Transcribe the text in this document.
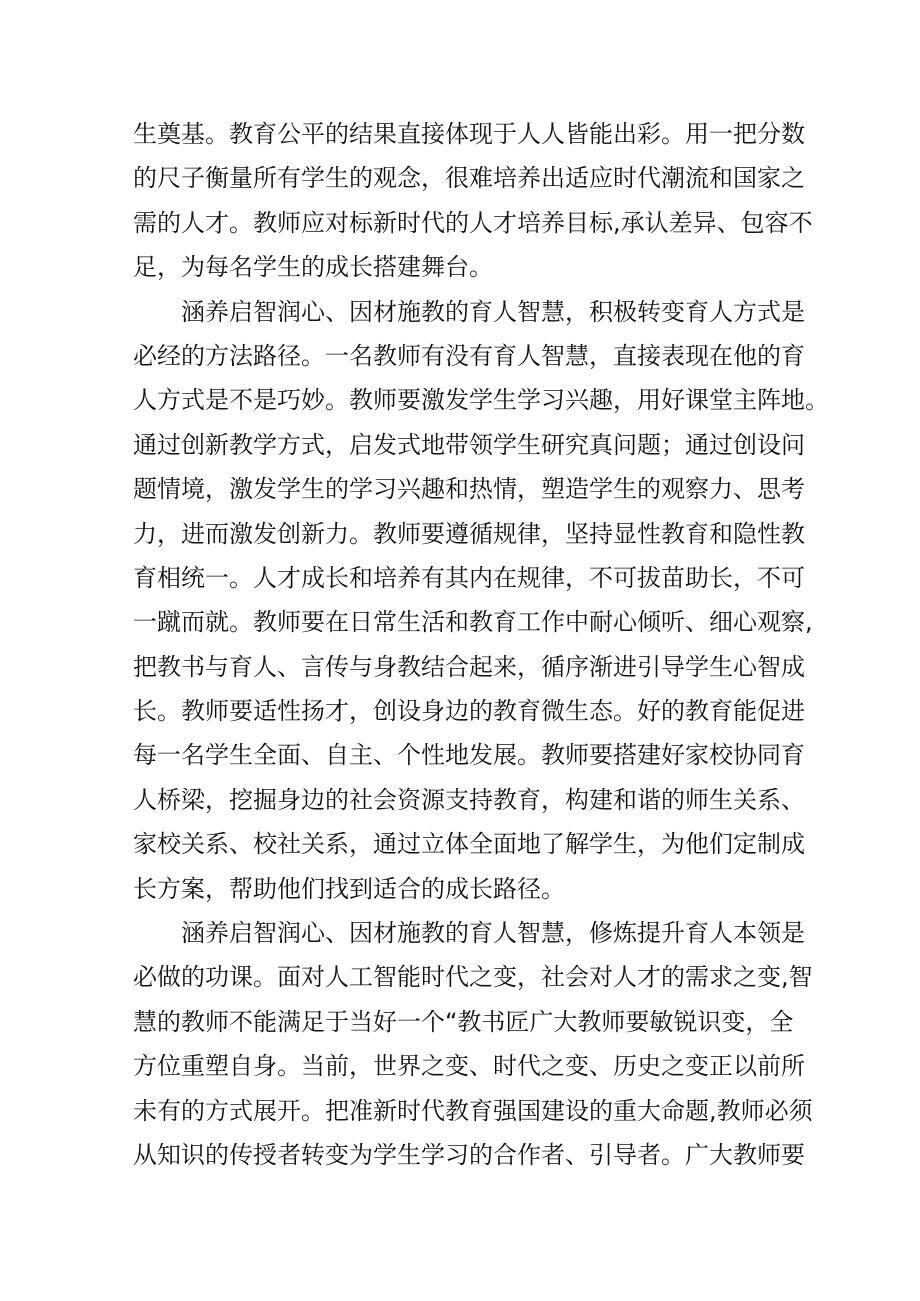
生奠基。教育公平的结果直接体现于人人皆能出彩。用一把分数
的尺子衡量所有学生的观念，很难培养出适应时代潮流和国家之
需的人才。教师应对标新时代的人才培养目标,承认差异、包容不
足，为每名学生的成长搭建舞台。
涵养启智润心、因材施教的育人智慧，积极转变育人方式是
必经的方法路径。一名教师有没有育人智慧，直接表现在他的育
人方式是不是巧妙。教师要激发学生学习兴趣，用好课堂主阵地。
通过创新教学方式，启发式地带领学生研究真问题；通过创设问
题情境，激发学生的学习兴趣和热情，塑造学生的观察力、思考
力，进而激发创新力。教师要遵循规律，坚持显性教育和隐性教
育相统一。人才成长和培养有其内在规律，不可拔苗助长，不可
一蹴而就。教师要在日常生活和教育工作中耐心倾听、细心观察,
把教书与育人、言传与身教结合起来，循序渐进引导学生心智成
长。教师要适性扬才，创设身边的教育微生态。好的教育能促进
每一名学生全面、自主、个性地发展。教师要搭建好家校协同育
人桥梁，挖掘身边的社会资源支持教育，构建和谐的师生关系、
家校关系、校社关系，通过立体全面地了解学生，为他们定制成
长方案，帮助他们找到适合的成长路径。
涵养启智润心、因材施教的育人智慧，修炼提升育人本领是
必做的功课。面对人工智能时代之变，社会对人才的需求之变,智
慧的教师不能满足于当好一个“教书匠广大教师要敏锐识变，全
方位重塑自身。当前，世界之变、时代之变、历史之变正以前所
未有的方式展开。把准新时代教育强国建设的重大命题,教师必须
从知识的传授者转变为学生学习的合作者、引导者。广大教师要
